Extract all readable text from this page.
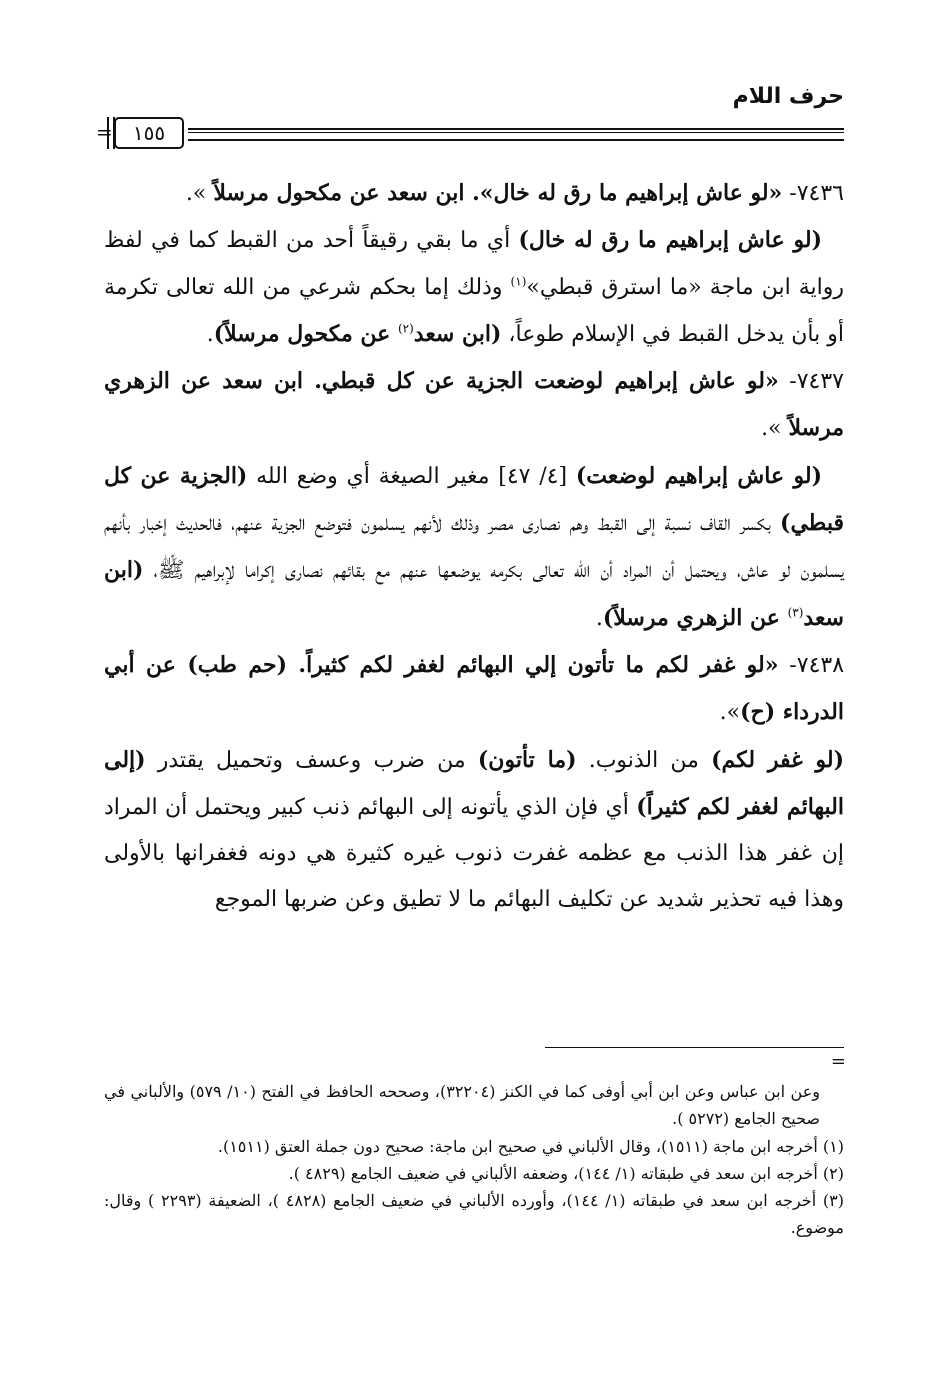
حرف اللام
١٥٥
=

٧٤٣٦- «لو عاش إبراهيم ما رق له خال». ابن سعد عن مكحول مرسلاً ».

 (لو عاش إبراهيم ما رق له خال) أي ما بقي رقيقاً أحد من القبط كما في لفظ رواية ابن ماجة «ما استرق قبطي»$^{(١)}$ وذلك إما بحكم شرعي من الله تعالى تكرمة أو بأن يدخل القبط في الإسلام طوعاً، (ابن سعد$^{(٢)}$ عن مكحول مرسلاً).

٧٤٣٧- «لو عاش إبراهيم لوضعت الجزية عن كل قبطي. ابن سعد عن الزهري مرسلاً ».

 (لو عاش إبراهيم لوضعت) [٤/ ٤٧] مغير الصيغة أي وضع الله (الجزية عن كل قبطي) بكسر القاف نسبة إلى القبط وهم نصارى مصر وذلك لأنهم يسلمون فتوضع الجزية عنهم، فالحديث إخبار بأنهم يسلمون لو عاش، ويحتمل أن المراد أن الله تعالى بكرمه يوضعها عنهم مع بقائهم نصارى إكراما لإبراهيم ﷺ، (ابن سعد$^{(٣)}$ عن الزهري مرسلاً).

٧٤٣٨- «لو غفر لكم ما تأتون إلي البهائم لغفر لكم كثيراً. (حم طب) عن أبي الدرداء (ح)».

(لو غفر لكم) من الذنوب. (ما تأتون) من ضرب وعسف وتحميل يقتدر (إلى البهائم لغفر لكم كثيراً) أي فإن الذي يأتونه إلى البهائم ذنب كبير ويحتمل أن المراد إن غفر هذا الذنب مع عظمه غفرت ذنوب غيره كثيرة هي دونه فغفرانها بالأولى وهذا فيه تحذير شديد عن تكليف البهائم ما لا تطيق وعن ضربها الموجع

=

وعن ابن عباس وعن ابن أبي أوفى كما في الكنز (٣٢٢٠٤)، وصححه الحافظ في الفتح (١٠/ ٥٧٩) والألباني في صحيح الجامع (٥٢٧٢ ).

(١) أخرجه ابن ماجة (١٥١١)، وقال الألباني في صحيح ابن ماجة: صحيح دون جملة العتق (١٥١١).

(٢) أخرجه ابن سعد في طبقاته (١/ ١٤٤)، وضعفه الألباني في ضعيف الجامع (٤٨٢٩ ).

(٣) أخرجه ابن سعد في طبقاته (١/ ١٤٤)، وأورده الألباني في ضعيف الجامع (٤٨٢٨ )، الضعيفة (٢٢٩٣ ) وقال: موضوع.
